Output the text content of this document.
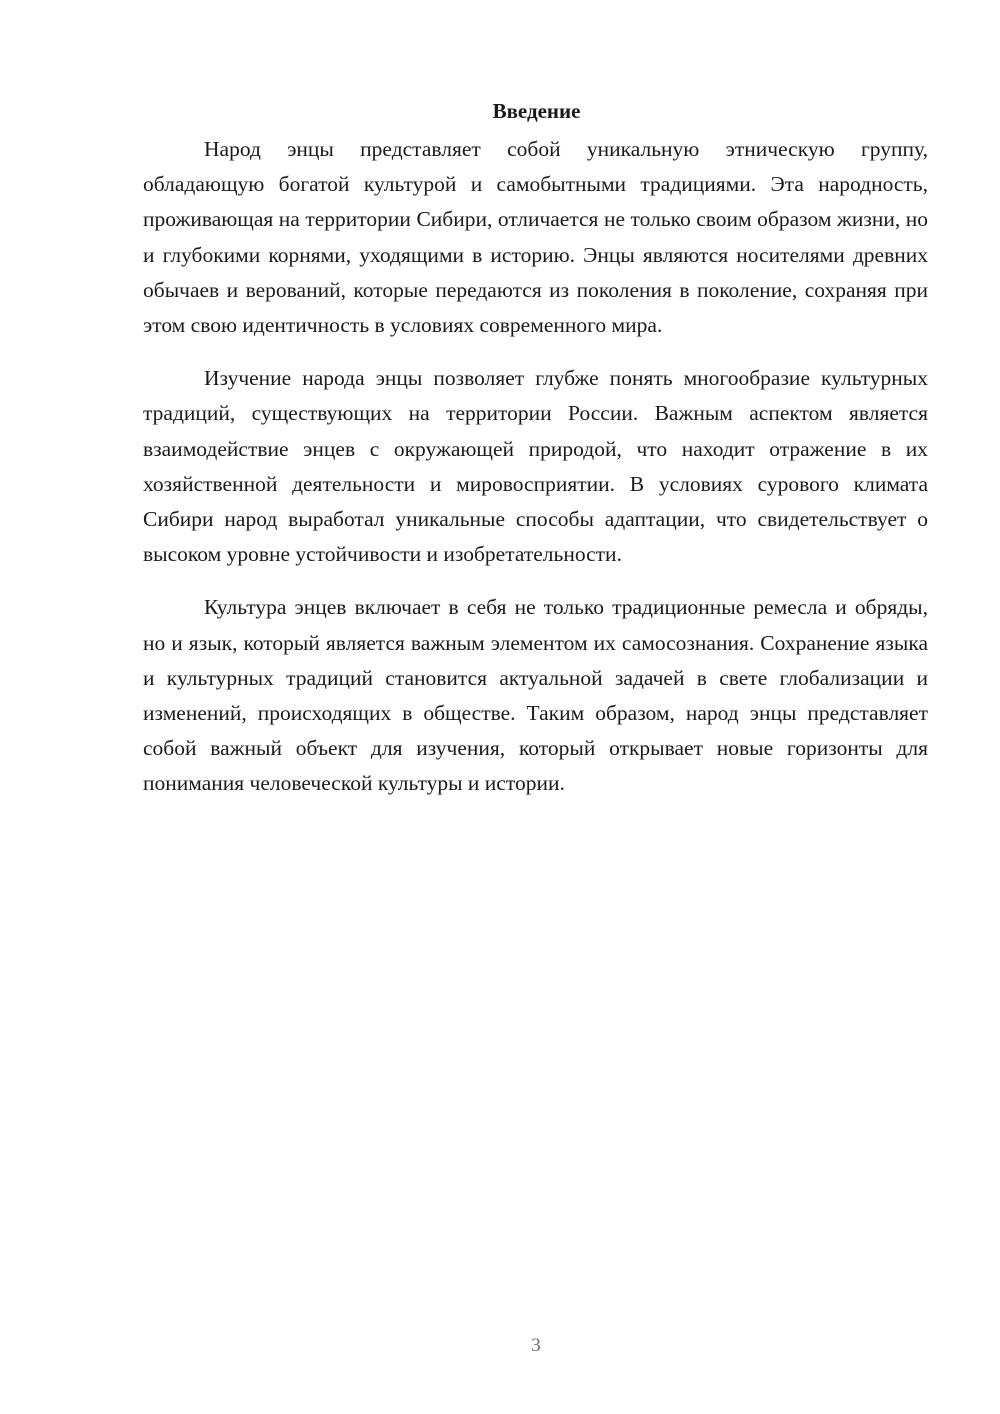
Введение

Народ энцы представляет собой уникальную этническую группу, обладающую богатой культурой и самобытными традициями. Эта народность, проживающая на территории Сибири, отличается не только своим образом жизни, но и глубокими корнями, уходящими в историю. Энцы являются носителями древних обычаев и верований, которые передаются из поколения в поколение, сохраняя при этом свою идентичность в условиях современного мира.

Изучение народа энцы позволяет глубже понять многообразие культурных традиций, существующих на территории России. Важным аспектом является взаимодействие энцев с окружающей природой, что находит отражение в их хозяйственной деятельности и мировосприятии. В условиях сурового климата Сибири народ выработал уникальные способы адаптации, что свидетельствует о высоком уровне устойчивости и изобретательности.

Культура энцев включает в себя не только традиционные ремесла и обряды, но и язык, который является важным элементом их самосознания. Сохранение языка и культурных традиций становится актуальной задачей в свете глобализации и изменений, происходящих в обществе. Таким образом, народ энцы представляет собой важный объект для изучения, который открывает новые горизонты для понимания человеческой культуры и истории.

3
